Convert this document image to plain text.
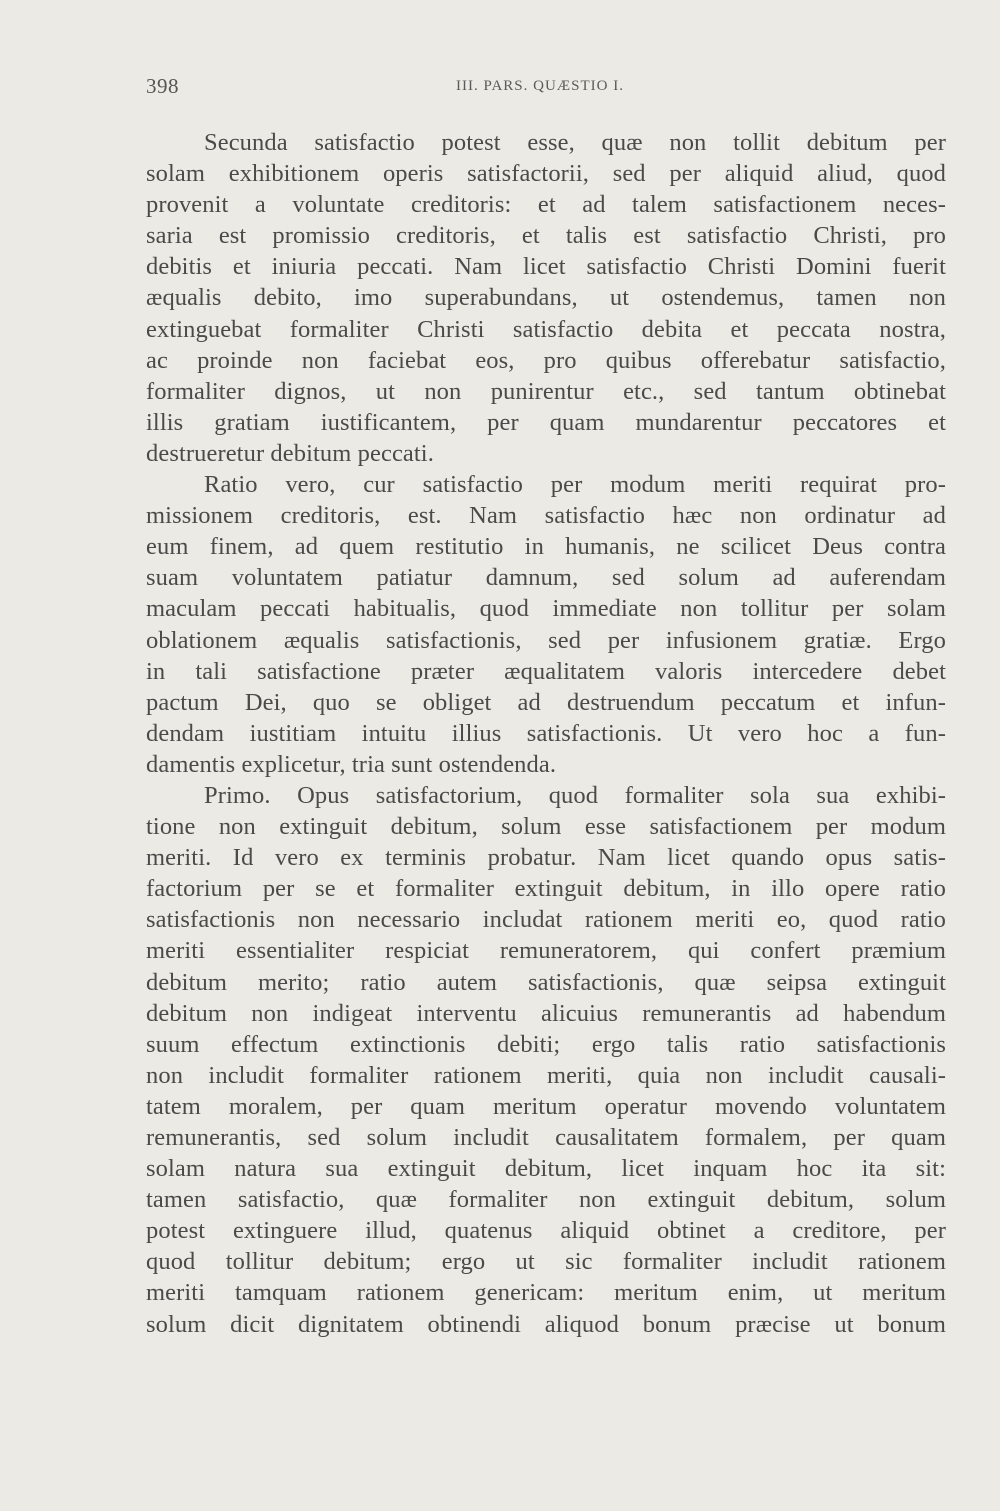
398	III. PARS. QUÆSTIO I.
Secunda satisfactio potest esse, quæ non tollit debitum per
solam exhibitionem operis satisfactorii, sed per aliquid aliud, quod
provenit a voluntate creditoris: et ad talem satisfactionem neces-
saria est promissio creditoris, et talis est satisfactio Christi, pro
debitis et iniuria peccati. Nam licet satisfactio Christi Domini fuerit
æqualis debito, imo superabundans, ut ostendemus, tamen non
extinguebat formaliter Christi satisfactio debita et peccata nostra,
ac proinde non faciebat eos, pro quibus offerebatur satisfactio,
formaliter dignos, ut non punirentur etc., sed tantum obtinebat
illis gratiam iustificantem, per quam mundarentur peccatores et
destrueretur debitum peccati.
Ratio vero, cur satisfactio per modum meriti requirat pro-
missionem creditoris, est. Nam satisfactio hæc non ordinatur ad
eum finem, ad quem restitutio in humanis, ne scilicet Deus contra
suam voluntatem patiatur damnum, sed solum ad auferendam
maculam peccati habitualis, quod immediate non tollitur per solam
oblationem æqualis satisfactionis, sed per infusionem gratiæ. Ergo
in tali satisfactione præter æqualitatem valoris intercedere debet
pactum Dei, quo se obliget ad destruendum peccatum et infun-
dendam iustitiam intuitu illius satisfactionis. Ut vero hoc a fun-
damentis explicetur, tria sunt ostendenda.
Primo. Opus satisfactorium, quod formaliter sola sua exhibi-
tione non extinguit debitum, solum esse satisfactionem per modum
meriti. Id vero ex terminis probatur. Nam licet quando opus satis-
factorium per se et formaliter extinguit debitum, in illo opere ratio
satisfactionis non necessario includat rationem meriti eo, quod ratio
meriti essentialiter respiciat remuneratorem, qui confert præmium
debitum merito; ratio autem satisfactionis, quæ seipsa extinguit
debitum non indigeat interventu alicuius remunerantis ad habendum
suum effectum extinctionis debiti; ergo talis ratio satisfactionis
non includit formaliter rationem meriti, quia non includit causali-
tatem moralem, per quam meritum operatur movendo voluntatem
remunerantis, sed solum includit causalitatem formalem, per quam
solam natura sua extinguit debitum, licet inquam hoc ita sit:
tamen satisfactio, quæ formaliter non extinguit debitum, solum
potest extinguere illud, quatenus aliquid obtinet a creditore, per
quod tollitur debitum; ergo ut sic formaliter includit rationem
meriti tamquam rationem genericam: meritum enim, ut meritum
solum dicit dignitatem obtinendi aliquod bonum præcise ut bonum
